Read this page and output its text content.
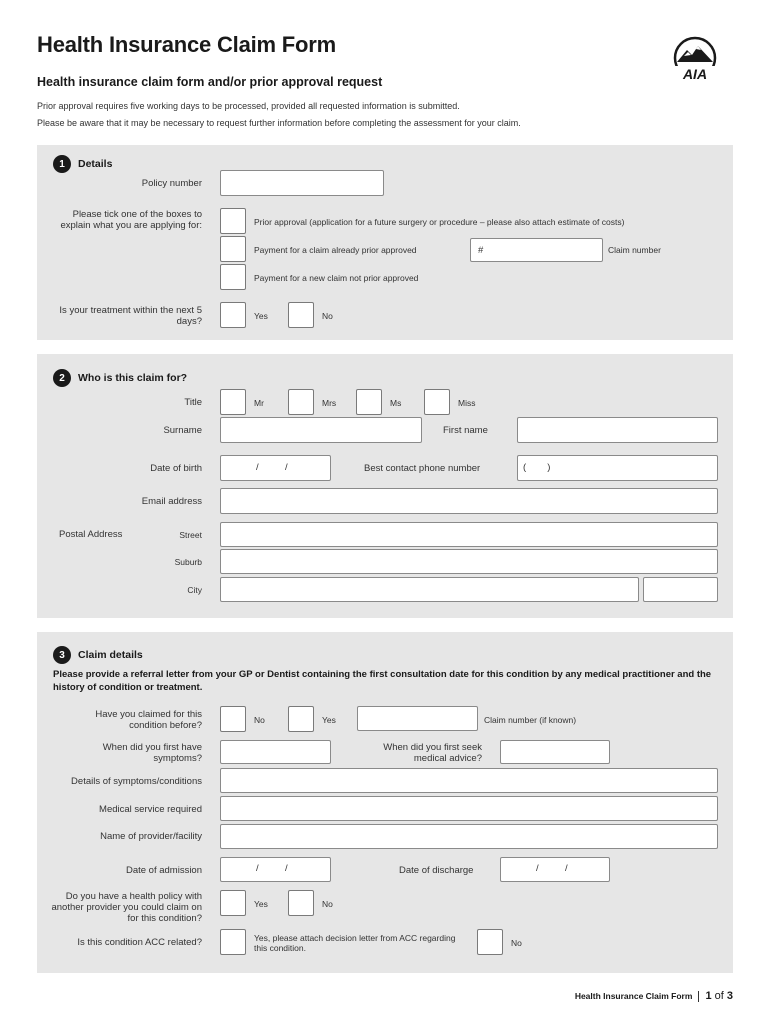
Health Insurance Claim Form
Health insurance claim form and/or prior approval request
Prior approval requires five working days to be processed, provided all requested information is submitted.
Please be aware that it may be necessary to request further information before completing the assessment for your claim.
AIA
1	Details
Policy number
Please tick one of the boxes to explain what you are applying for:	Prior approval (application for a future surgery or procedure – please also attach estimate of costs)
Payment for a claim already prior approved	#	Claim number
Payment for a new claim not prior approved
Is your treatment within the next 5 days?	Yes	No
2	Who is this claim for?
Title	Mr	Mrs	Ms	Miss
Surname	First name
Date of birth	/          /	Best contact phone number	(        )
Email address
Postal Address	Street
Suburb
City
3	Claim details
Please provide a referral letter from your GP or Dentist containing the first consultation date for this condition by any medical practitioner and the history of condition or treatment.
Have you claimed for this condition before?	No	Yes	Claim number (if known)
When did you first have symptoms?
When did you first seek medical advice?
Details of symptoms/conditions
Medical service required
Name of provider/facility
Date of admission	/          /	Date of discharge	/          /
Do you have a health policy with another provider you could claim on for this condition?
Yes	No
Is this condition ACC related?	Yes, please attach decision letter from ACC regarding this condition.	No
Health Insurance Claim Form 1 of 3
